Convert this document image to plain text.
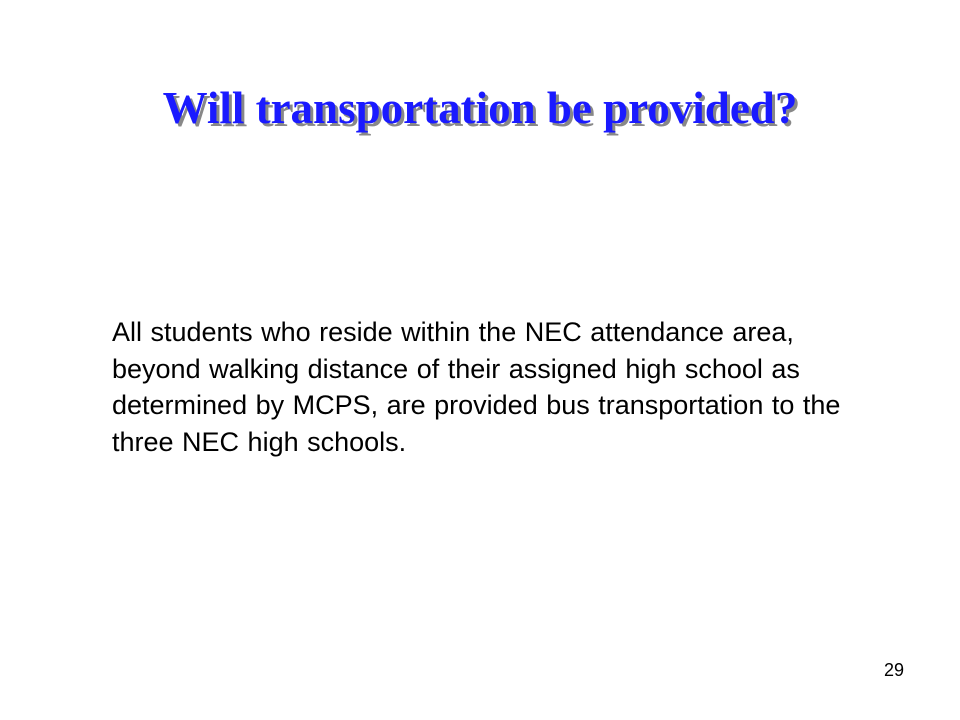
Will transportation be provided?

All students who reside within the NEC attendance area, beyond walking distance of their assigned high school as determined by MCPS, are provided bus transportation to the three NEC high schools.

29
